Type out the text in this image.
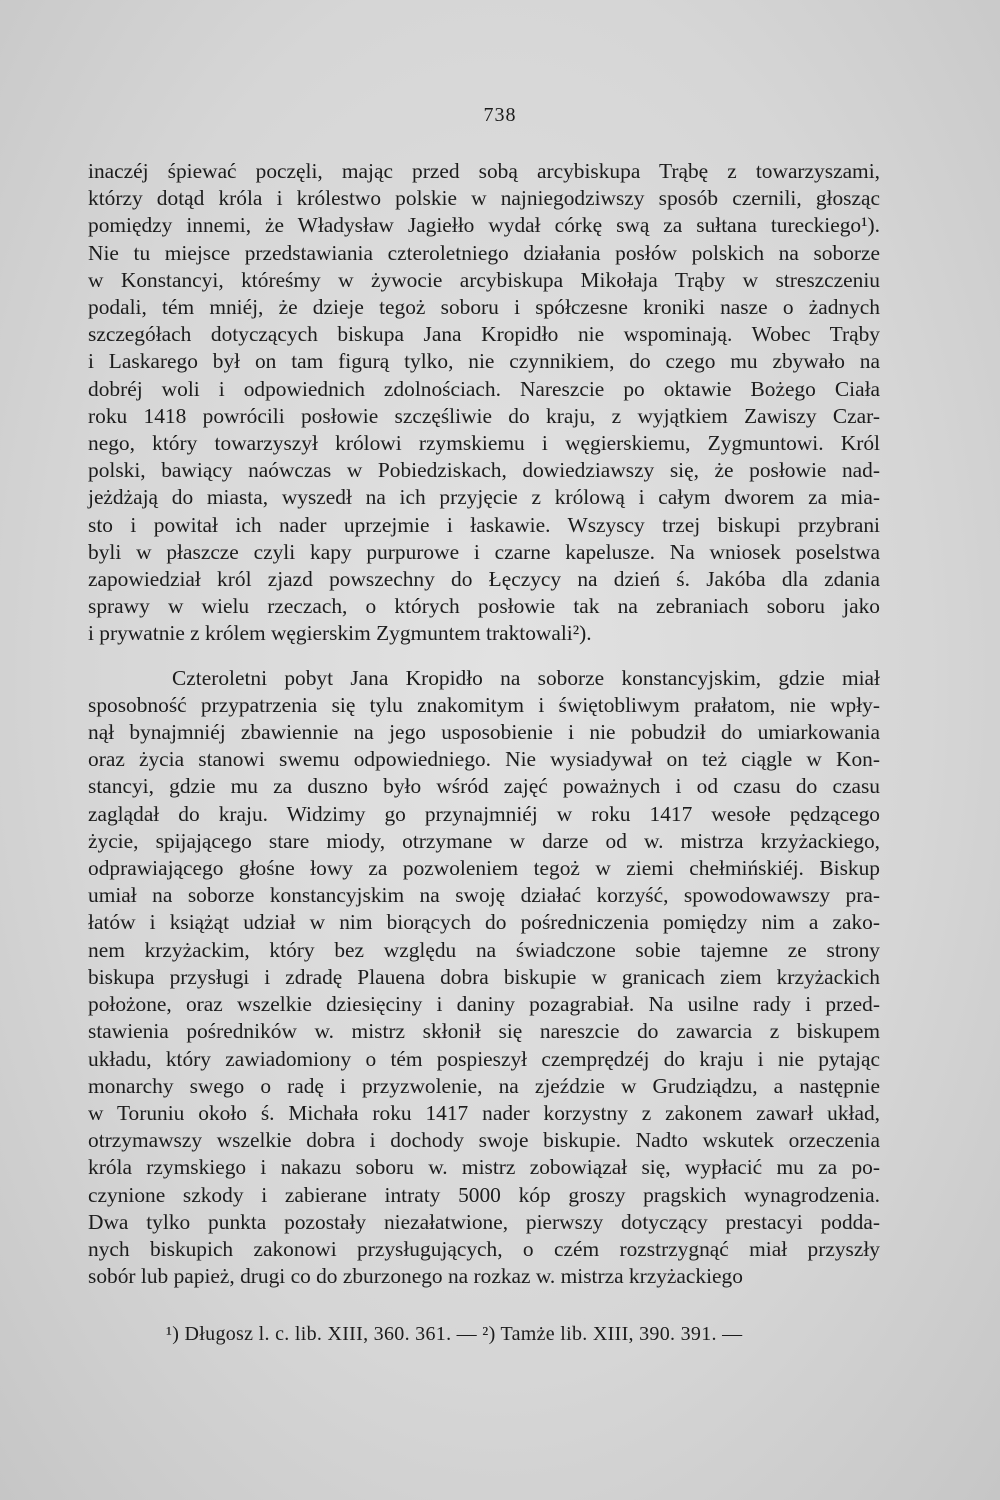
738

inaczéj śpiewać poczęli, mając przed sobą arcybiskupa Trąbę z towarzyszami,
którzy dotąd króla i królestwo polskie w najniegodziwszy sposób czernili, głosząc
pomiędzy innemi, że Władysław Jagiełło wydał córkę swą za sułtana tureckiego¹).
Nie tu miejsce przedstawiania czteroletniego działania posłów polskich na soborze
w Konstancyi, któreśmy w żywocie arcybiskupa Mikołaja Trąby w streszczeniu
podali, tém mniéj, że dzieje tegoż soboru i spółczesne kroniki nasze o żadnych
szczegółach dotyczących biskupa Jana Kropidło nie wspominają. Wobec Trąby
i Laskarego był on tam figurą tylko, nie czynnikiem, do czego mu zbywało na
dobréj woli i odpowiednich zdolnościach. Nareszcie po oktawie Bożego Ciała
roku 1418 powrócili posłowie szczęśliwie do kraju, z wyjątkiem Zawiszy Czar-
nego, który towarzyszył królowi rzymskiemu i węgierskiemu, Zygmuntowi. Król
polski, bawiący naówczas w Pobiedziskach, dowiedziawszy się, że posłowie nad-
jeżdżają do miasta, wyszedł na ich przyjęcie z królową i całym dworem za mia-
sto i powitał ich nader uprzejmie i łaskawie. Wszyscy trzej biskupi przybrani
byli w płaszcze czyli kapy purpurowe i czarne kapelusze. Na wniosek poselstwa
zapowiedział król zjazd powszechny do Łęczycy na dzień ś. Jakóba dla zdania
sprawy w wielu rzeczach, o których posłowie tak na zebraniach soboru jako
i prywatnie z królem węgierskim Zygmuntem traktowali²).

Czteroletni pobyt Jana Kropidło na soborze konstancyjskim, gdzie miał
sposobność przypatrzenia się tylu znakomitym i świętobliwym prałatom, nie wpły-
nął bynajmniéj zbawiennie na jego usposobienie i nie pobudził do umiarkowania
oraz życia stanowi swemu odpowiedniego. Nie wysiadywał on też ciągle w Kon-
stancyi, gdzie mu za duszno było wśród zajęć poważnych i od czasu do czasu
zaglądał do kraju. Widzimy go przynajmniéj w roku 1417 wesołe pędzącego
życie, spijającego stare miody, otrzymane w darze od w. mistrza krzyżackiego,
odprawiającego głośne łowy za pozwoleniem tegoż w ziemi chełmińskiéj. Biskup
umiał na soborze konstancyjskim na swoję działać korzyść, spowodowawszy pra-
łatów i książąt udział w nim biorących do pośredniczenia pomiędzy nim a zako-
nem krzyżackim, który bez względu na świadczone sobie tajemne ze strony
biskupa przysługi i zdradę Plauena dobra biskupie w granicach ziem krzyżackich
położone, oraz wszelkie dziesięciny i daniny pozagrabiał. Na usilne rady i przed-
stawienia pośredników w. mistrz skłonił się nareszcie do zawarcia z biskupem
układu, który zawiadomiony o tém pospieszył czemprędzéj do kraju i nie pytając
monarchy swego o radę i przyzwolenie, na zjeździe w Grudziądzu, a następnie
w Toruniu około ś. Michała roku 1417 nader korzystny z zakonem zawarł układ,
otrzymawszy wszelkie dobra i dochody swoje biskupie. Nadto wskutek orzeczenia
króla rzymskiego i nakazu soboru w. mistrz zobowiązał się, wypłacić mu za po-
czynione szkody i zabierane intraty 5000 kóp groszy pragskich wynagrodzenia.
Dwa tylko punkta pozostały niezałatwione, pierwszy dotyczący prestacyi podda-
nych biskupich zakonowi przysługujących, o czém rozstrzygnąć miał przyszły
sobór lub papież, drugi co do zburzonego na rozkaz w. mistrza krzyżackiego

¹) Długosz l. c. lib. XIII, 360. 361. — ²) Tamże lib. XIII, 390. 391. —
